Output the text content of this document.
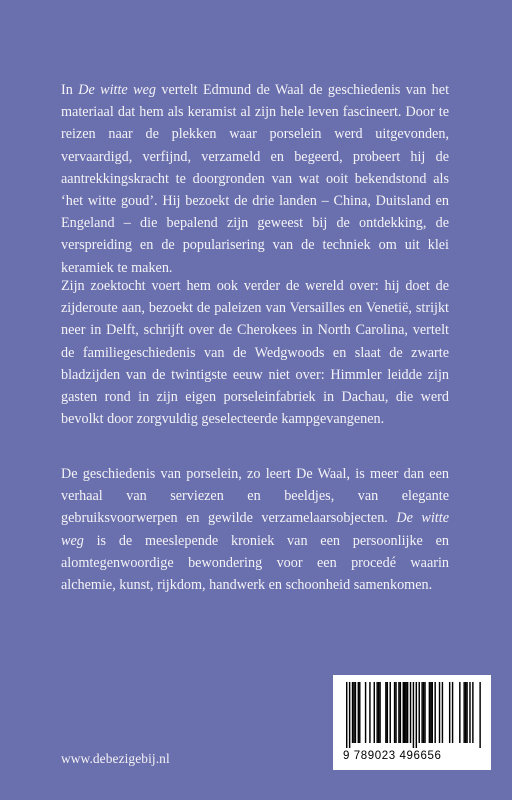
In De witte weg vertelt Edmund de Waal de geschiedenis van het materiaal dat hem als keramist al zijn hele leven fascineert. Door te reizen naar de plekken waar porselein werd uitgevonden, vervaardigd, verfijnd, verzameld en begeerd, probeert hij de aantrekkingskracht te doorgronden van wat ooit bekendstond als ‘het witte goud’. Hij bezoekt de drie landen – China, Duitsland en Engeland – die bepalend zijn geweest bij de ontdekking, de verspreiding en de popularisering van de techniek om uit klei keramiek te maken.

Zijn zoektocht voert hem ook verder de wereld over: hij doet de zijderoute aan, bezoekt de paleizen van Versailles en Venetië, strijkt neer in Delft, schrijft over de Cherokees in North Carolina, vertelt de familiegeschiedenis van de Wedgwoods en slaat de zwarte bladzijden van de twintigste eeuw niet over: Himmler leidde zijn gasten rond in zijn eigen porseleinfabriek in Dachau, die werd bevolkt door zorgvuldig geselecteerde kampgevangenen.

De geschiedenis van porselein, zo leert De Waal, is meer dan een verhaal van serviezen en beeldjes, van elegante gebruiksvoorwerpen en gewilde verzamelaarsobjecten. De witte weg is de meeslepende kroniek van een persoonlijke en alomtegenwoordige bewondering voor een procedé waarin alchemie, kunst, rijkdom, handwerk en schoonheid samenkomen.

www.debezigebij.nl	9 789023 496656
